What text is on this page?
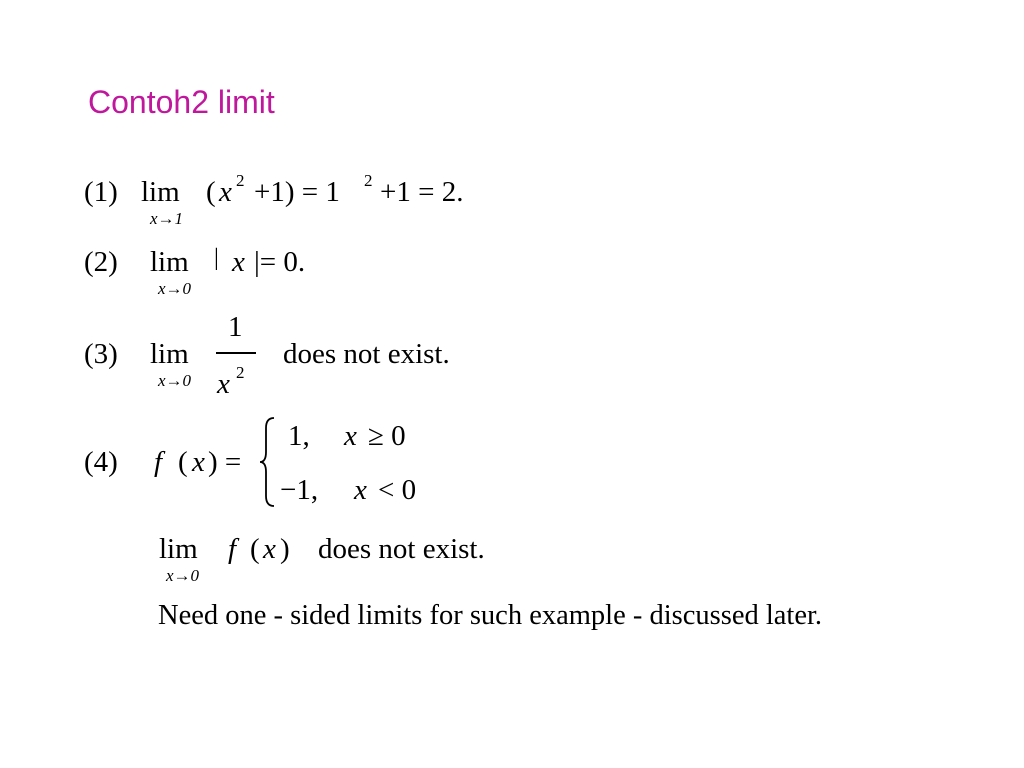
Contoh2 limit
(1) lim
x→1
( x 2 +1) = 1 2 +1 = 2.
(2) lim
x→0
| x |= 0.
(3) lim
x→0
1
x 2
does not exist.
(4) f ( x ) =
1, x ≥ 0
−1, x < 0
lim
x→0
f ( x ) does not exist.
Need one - sided limits for such example - discussed later.
